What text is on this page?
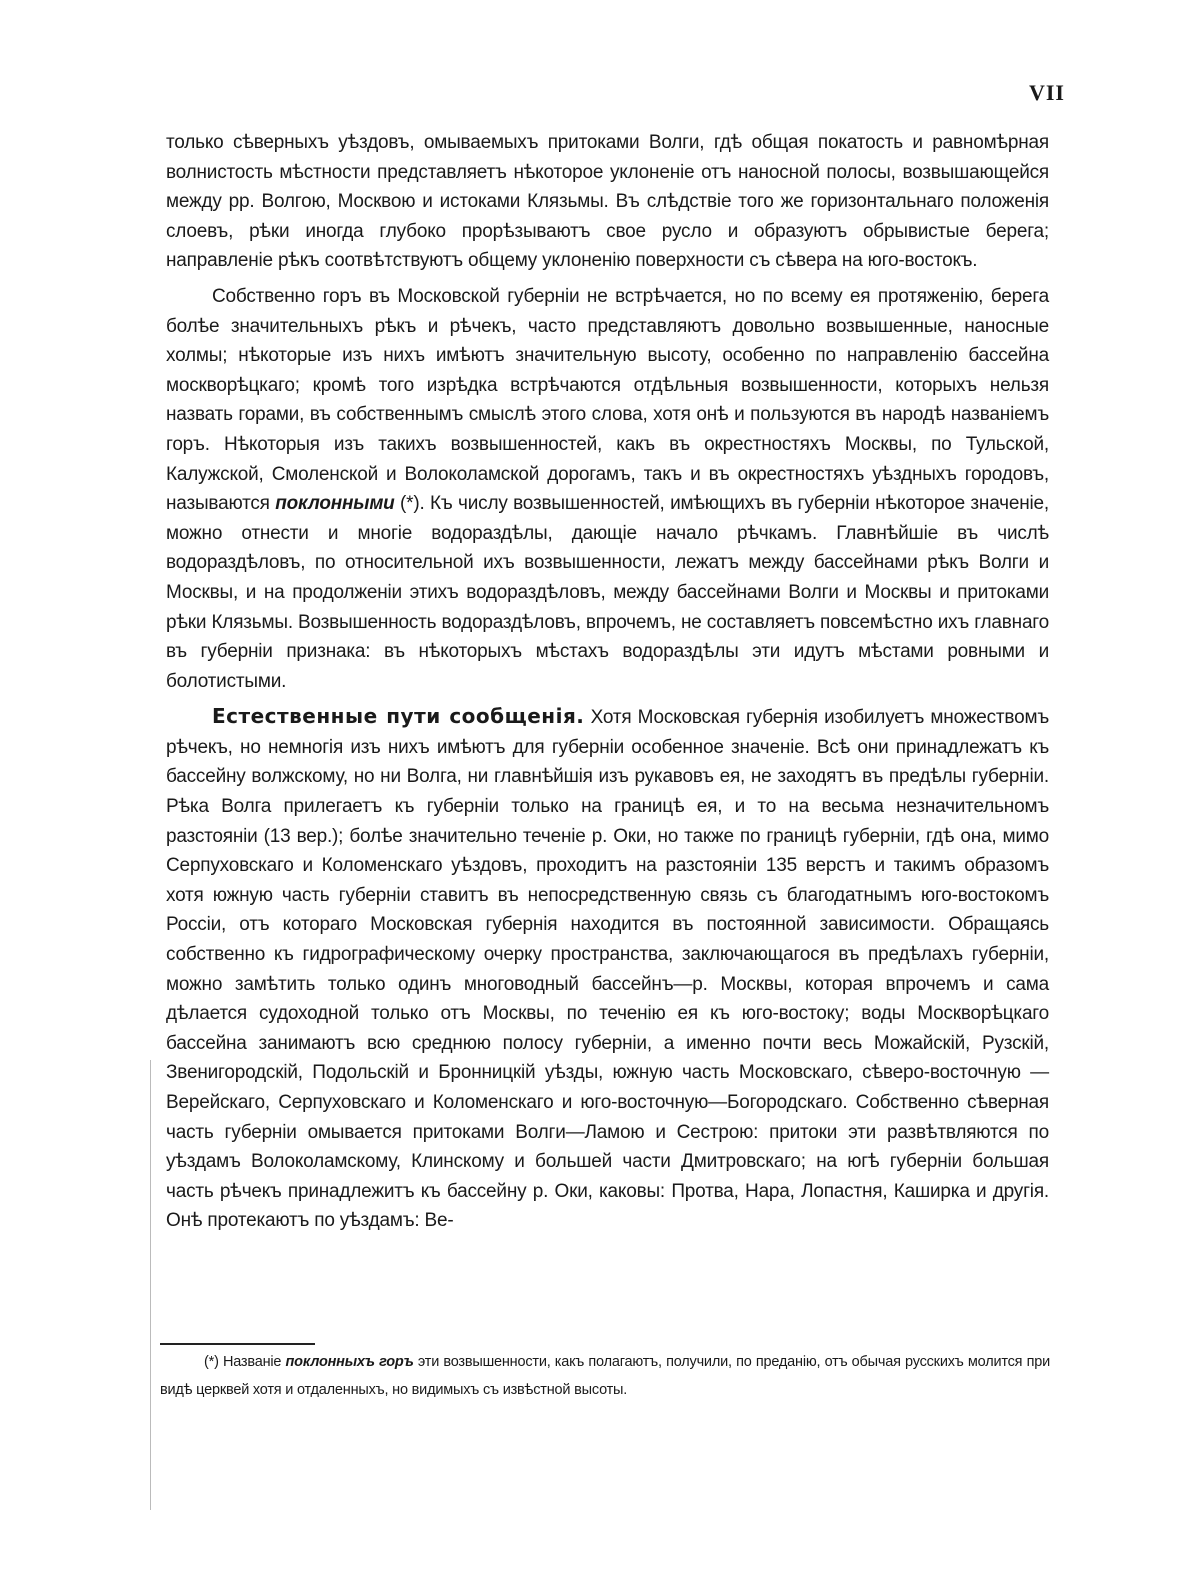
VII

только сѣверныхъ уѣздовъ, омываемыхъ притоками Волги, гдѣ общая покатость и равномѣрная волнистость мѣстности представляетъ нѣкоторое уклоненіе отъ наносной полосы, возвышающейся между рр. Волгою, Москвою и истоками Клязьмы. Въ слѣдствіе того же горизонтальнаго положенія слоевъ, рѣки иногда глубоко прорѣзываютъ свое русло и образуютъ обрывистые берега; направленіе рѣкъ соотвѣтствуютъ общему уклоненію поверхности съ сѣвера на юго-востокъ.

Собственно горъ въ Московской губерніи не встрѣчается, но по всему ея протяженію, берега болѣе значительныхъ рѣкъ и рѣчекъ, часто представляютъ довольно возвышенные, наносные холмы; нѣкоторые изъ нихъ имѣютъ значительную высоту, особенно по направленію бассейна москворѣцкаго; кромѣ того изрѣдка встрѣчаются отдѣльныя возвышенности, которыхъ нельзя назвать горами, въ собственнымъ смыслѣ этого слова, хотя онѣ и пользуются въ народѣ названіемъ горъ. Нѣкоторыя изъ такихъ возвышенностей, какъ въ окрестностяхъ Москвы, по Тульской, Калужской, Смоленской и Волоколамской дорогамъ, такъ и въ окрестностяхъ уѣздныхъ городовъ, называются поклонными (*). Къ числу возвышенностей, имѣющихъ въ губерніи нѣкоторое значеніе, можно отнести и многіе водораздѣлы, дающіе начало рѣчкамъ. Главнѣйшіе въ числѣ водораздѣловъ, по относительной ихъ возвышенности, лежатъ между бассейнами рѣкъ Волги и Москвы, и на продолженіи этихъ водораздѣловъ, между бассейнами Волги и Москвы и притоками рѣки Клязьмы. Возвышенность водораздѣловъ, впрочемъ, не составляетъ повсемѣстно ихъ главнаго въ губерніи признака: въ нѣкоторыхъ мѣстахъ водораздѣлы эти идутъ мѣстами ровными и болотистыми.

Естественные пути сообщенія. Хотя Московская губернія изобилуетъ множествомъ рѣчекъ, но немногія изъ нихъ имѣютъ для губерніи особенное значеніе. Всѣ они принадлежатъ къ бассейну волжскому, но ни Волга, ни главнѣйшія изъ рукавовъ ея, не заходятъ въ предѣлы губерніи. Рѣка Волга прилегаетъ къ губерніи только на границѣ ея, и то на весьма незначительномъ разстояніи (13 вер.); болѣе значительно теченіе р. Оки, но также по границѣ губерніи, гдѣ она, мимо Серпуховскаго и Коломенскаго уѣздовъ, проходитъ на разстояніи 135 верстъ и такимъ образомъ хотя южную часть губерніи ставитъ въ непосредственную связь съ благодатнымъ юго-востокомъ Россіи, отъ котораго Московская губернія находится въ постоянной зависимости. Обращаясь собственно къ гидрографическому очерку пространства, заключающагося въ предѣлахъ губерніи, можно замѣтить только одинъ многоводный бассейнъ—р. Москвы, которая впрочемъ и сама дѣлается судоходной только отъ Москвы, по теченію ея къ юго-востоку; воды Москворѣцкаго бассейна занимаютъ всю среднюю полосу губерніи, а именно почти весь Можайскій, Рузскій, Звенигородскій, Подольскій и Бронницкій уѣзды, южную часть Московскаго, сѣверо-восточную — Верейскаго, Серпуховскаго и Коломенскаго и юго-восточную—Богородскаго. Собственно сѣверная часть губерніи омывается притоками Волги—Ламою и Сестрою: притоки эти развѣтвляются по уѣздамъ Волоколамскому, Клинскому и большей части Дмитровскаго; на югѣ губерніи большая часть рѣчекъ принадлежитъ къ бассейну р. Оки, каковы: Протва, Нара, Лопастня, Каширка и другія. Онѣ протекаютъ по уѣздамъ: Ве-

(*) Названіе поклонныхъ горъ эти возвышенности, какъ полагаютъ, получили, по преданію, отъ обычая русскихъ молится при видѣ церквей хотя и отдаленныхъ, но видимыхъ съ извѣстной высоты.
